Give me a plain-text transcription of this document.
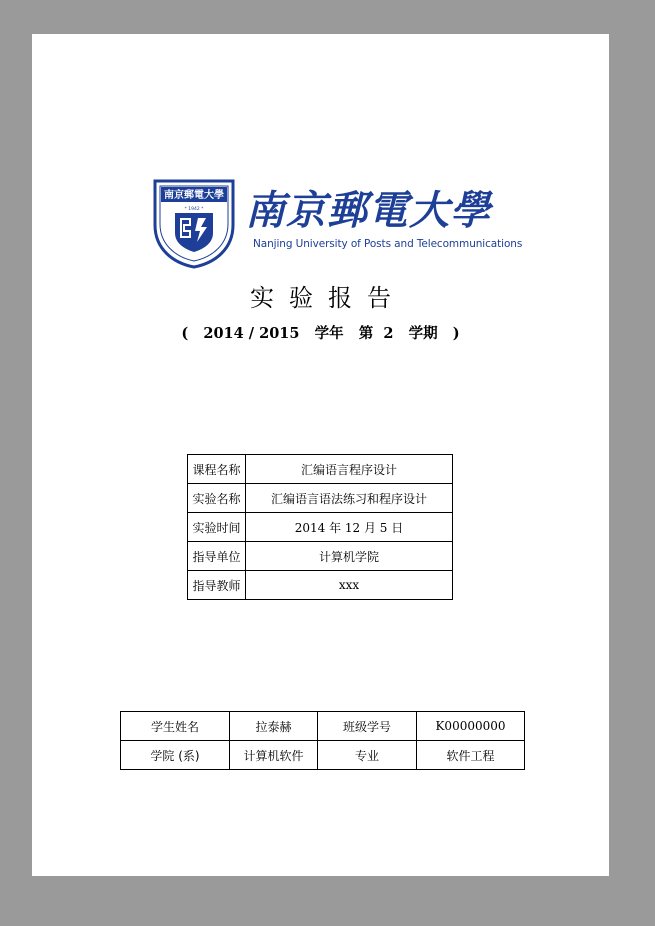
南京郵電大學
* 1942 * 南京郵電大學
Nanjing University of Posts and Telecommunications
实验报告
(   2014 / 2015   学年   第  2   学期   )
课程名称	汇编语言程序设计
实验名称	汇编语言语法练习和程序设计
实验时间	2014 年 12 月 5 日
指导单位	计算机学院
指导教师	xxx
学生姓名	拉泰赫	班级学号	K00000000
学院 (系)	计算机软件	专业	软件工程
